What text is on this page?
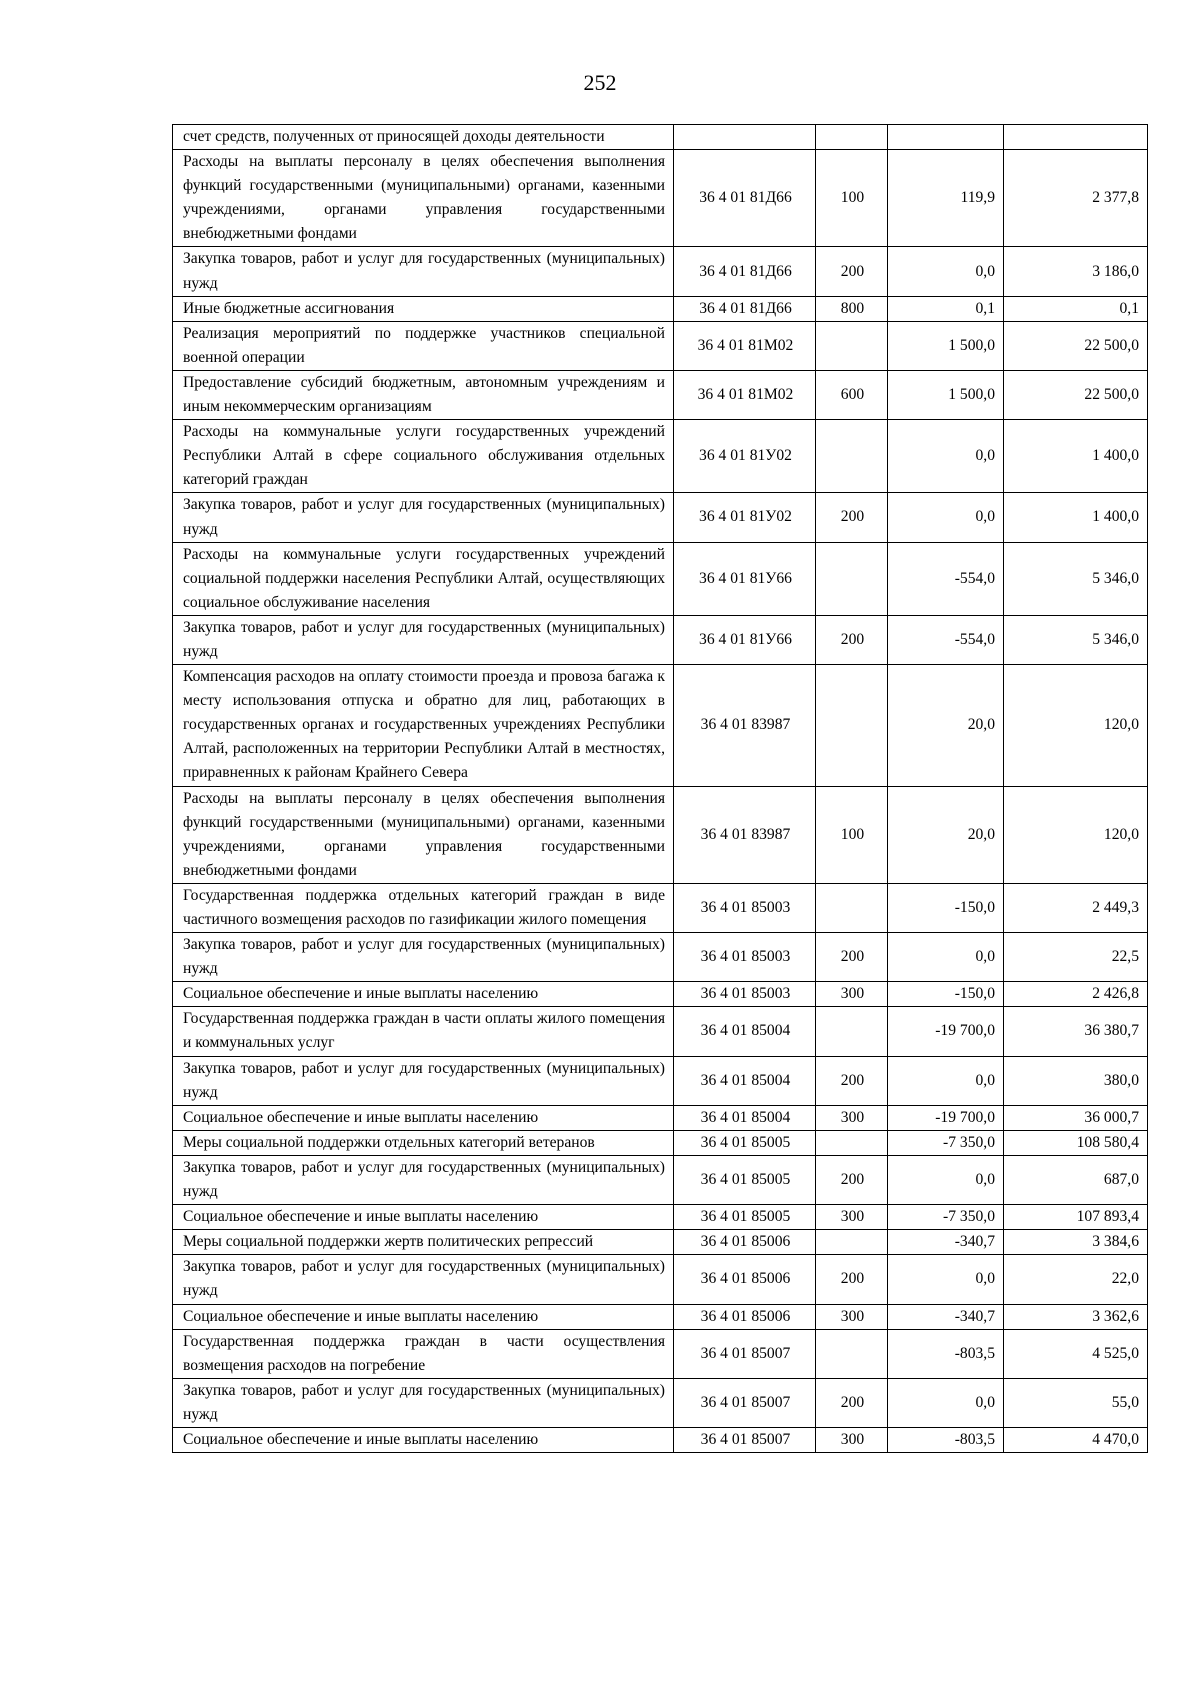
252
счет средств, полученных от приносящей доходы деятельности				
Расходы на выплаты персоналу в целях обеспечения выполнения функций государственными (муниципальными) органами, казенными учреждениями, органами управления государственными внебюджетными фондами	36 4 01 81Д66	100	119,9	2 377,8
Закупка товаров, работ и услуг для государственных (муниципальных) нужд	36 4 01 81Д66	200	0,0	3 186,0
Иные бюджетные ассигнования	36 4 01 81Д66	800	0,1	0,1
Реализация мероприятий по поддержке участников специальной военной операции	36 4 01 81М02		1 500,0	22 500,0
Предоставление субсидий бюджетным, автономным учреждениям и иным некоммерческим организациям	36 4 01 81М02	600	1 500,0	22 500,0
Расходы на коммунальные услуги государственных учреждений Республики Алтай в сфере социального обслуживания отдельных категорий граждан	36 4 01 81У02		0,0	1 400,0
Закупка товаров, работ и услуг для государственных (муниципальных) нужд	36 4 01 81У02	200	0,0	1 400,0
Расходы на коммунальные услуги государственных учреждений социальной поддержки населения Республики Алтай, осуществляющих социальное обслуживание населения	36 4 01 81У66		-554,0	5 346,0
Закупка товаров, работ и услуг для государственных (муниципальных) нужд	36 4 01 81У66	200	-554,0	5 346,0
Компенсация расходов на оплату стоимости проезда и провоза багажа к месту использования отпуска и обратно для лиц, работающих в государственных органах и государственных учреждениях Республики Алтай, расположенных на территории Республики Алтай в местностях, приравненных к районам Крайнего Севера	36 4 01 83987		20,0	120,0
Расходы на выплаты персоналу в целях обеспечения выполнения функций государственными (муниципальными) органами, казенными учреждениями, органами управления государственными внебюджетными фондами	36 4 01 83987	100	20,0	120,0
Государственная поддержка отдельных категорий граждан в виде частичного возмещения расходов по газификации жилого помещения	36 4 01 85003		-150,0	2 449,3
Закупка товаров, работ и услуг для государственных (муниципальных) нужд	36 4 01 85003	200	0,0	22,5
Социальное обеспечение и иные выплаты населению	36 4 01 85003	300	-150,0	2 426,8
Государственная поддержка граждан в части оплаты жилого помещения и коммунальных услуг	36 4 01 85004		-19 700,0	36 380,7
Закупка товаров, работ и услуг для государственных (муниципальных) нужд	36 4 01 85004	200	0,0	380,0
Социальное обеспечение и иные выплаты населению	36 4 01 85004	300	-19 700,0	36 000,7
Меры социальной поддержки отдельных категорий ветеранов	36 4 01 85005		-7 350,0	108 580,4
Закупка товаров, работ и услуг для государственных (муниципальных) нужд	36 4 01 85005	200	0,0	687,0
Социальное обеспечение и иные выплаты населению	36 4 01 85005	300	-7 350,0	107 893,4
Меры социальной поддержки жертв политических репрессий	36 4 01 85006		-340,7	3 384,6
Закупка товаров, работ и услуг для государственных (муниципальных) нужд	36 4 01 85006	200	0,0	22,0
Социальное обеспечение и иные выплаты населению	36 4 01 85006	300	-340,7	3 362,6
Государственная поддержка граждан в части осуществления возмещения расходов на погребение	36 4 01 85007		-803,5	4 525,0
Закупка товаров, работ и услуг для государственных (муниципальных) нужд	36 4 01 85007	200	0,0	55,0
Социальное обеспечение и иные выплаты населению	36 4 01 85007	300	-803,5	4 470,0
